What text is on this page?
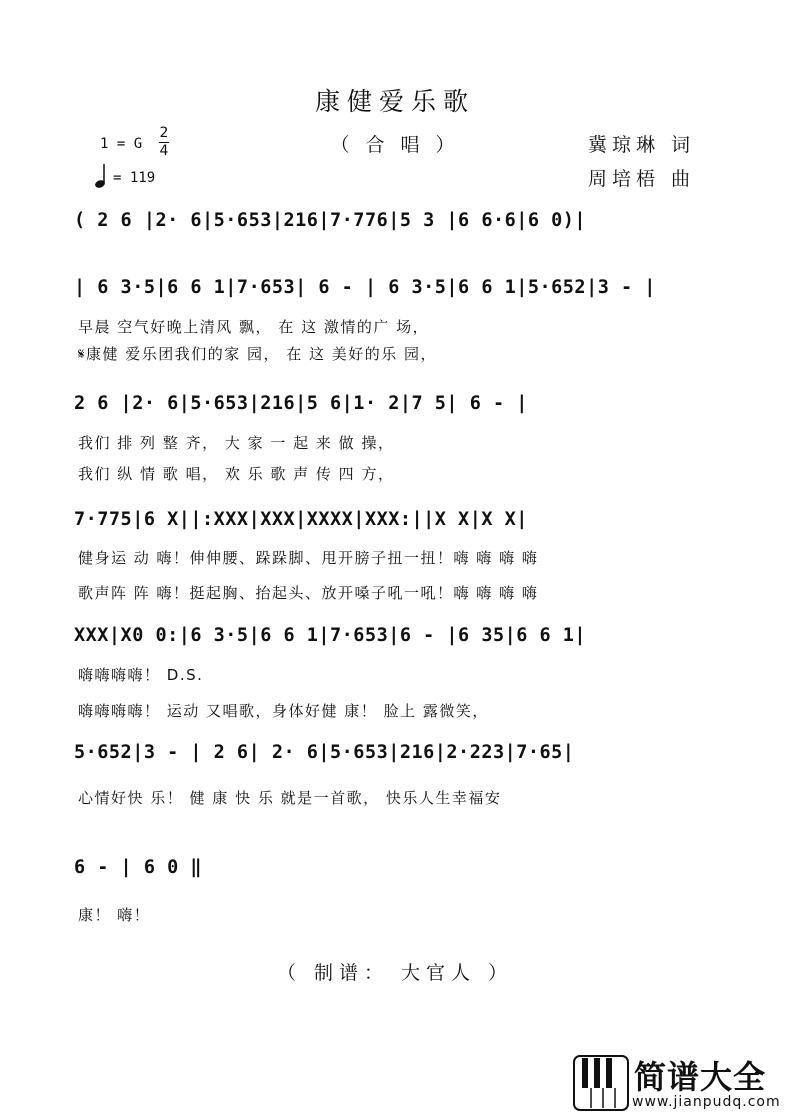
康健爱乐歌
（ 合 唱 ）	冀琼琳 词
周培梧 曲
1 = G
2
4
= 119
( 2 6 |2· 6|5·653|216|7·776|5 3 |6 6·6|6 0)|
| 6 3·5|6 6 1|7·653| 6 - | 6 3·5|6 6 1|5·652|3 - |
早晨 空气好晚上清风 飘， 在 这 激情的广 场，
𝄋康健 爱乐团我们的家 园， 在 这 美好的乐 园，
2 6 |2· 6|5·653|216|5 6|1· 2|7 5| 6 - |
我们 排 列 整 齐， 大 家 一 起 来 做 操，
我们 纵 情 歌 唱， 欢 乐 歌 声 传 四 方，
7·775|6 X||:XXX|XXX|XXXX|XXX:||X X|X X|
健身运 动 嗨！伸伸腰、跺跺脚、甩开膀子扭一扭！嗨 嗨 嗨 嗨
歌声阵 阵 嗨！挺起胸、抬起头、放开嗓子吼一吼！嗨 嗨 嗨 嗨
XXX|X0 0:|6 3·5|6 6 1|7·653|6 - |6 35|6 6 1|
嗨嗨嗨嗨！ D.S.
嗨嗨嗨嗨！ 运动 又唱歌，身体好健 康！ 脸上 露微笑，
5·652|3 - | 2 6| 2· 6|5·653|216|2·223|7·65|
心情好快 乐！ 健 康 快 乐 就是一首歌， 快乐人生幸福安
6 - | 6 0 ‖
康！ 嗨！
（ 制谱： 大官人 ）
简谱大全
www.jianpudq.com
